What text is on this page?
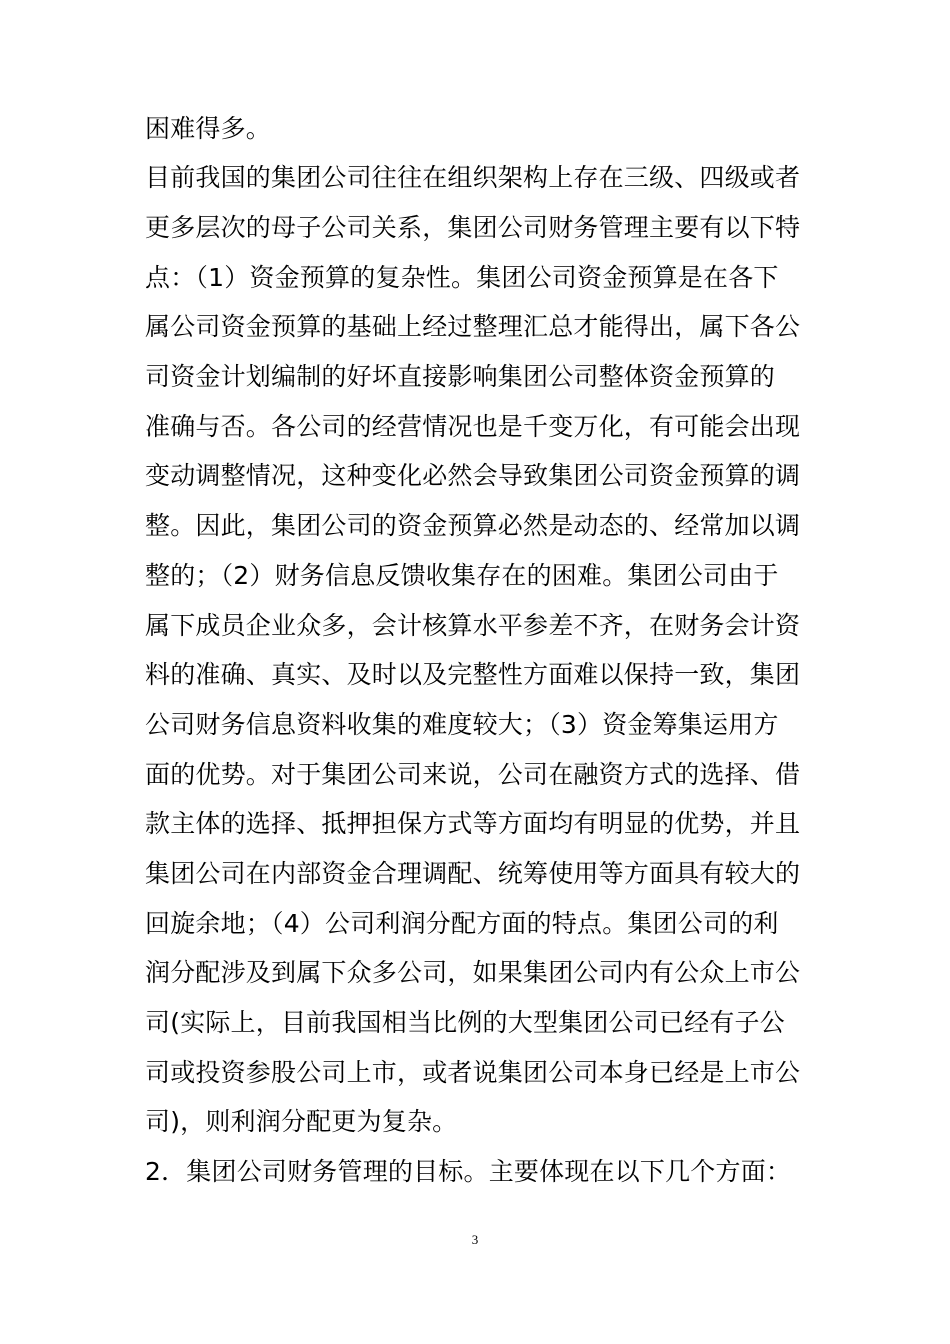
困难得多。
目前我国的集团公司往往在组织架构上存在三级、四级或者
更多层次的母子公司关系，集团公司财务管理主要有以下特
点：（1）资金预算的复杂性。集团公司资金预算是在各下
属公司资金预算的基础上经过整理汇总才能得出，属下各公
司资金计划编制的好坏直接影响集团公司整体资金预算的
准确与否。各公司的经营情况也是千变万化，有可能会出现
变动调整情况，这种变化必然会导致集团公司资金预算的调
整。因此，集团公司的资金预算必然是动态的、经常加以调
整的；（2）财务信息反馈收集存在的困难。集团公司由于
属下成员企业众多，会计核算水平参差不齐，在财务会计资
料的准确、真实、及时以及完整性方面难以保持一致，集团
公司财务信息资料收集的难度较大；（3）资金筹集运用方
面的优势。对于集团公司来说，公司在融资方式的选择、借
款主体的选择、抵押担保方式等方面均有明显的优势，并且
集团公司在内部资金合理调配、统筹使用等方面具有较大的
回旋余地；（4）公司利润分配方面的特点。集团公司的利
润分配涉及到属下众多公司，如果集团公司内有公众上市公
司(实际上，目前我国相当比例的大型集团公司已经有子公
司或投资参股公司上市，或者说集团公司本身已经是上市公
司)，则利润分配更为复杂。
2．集团公司财务管理的目标。主要体现在以下几个方面：
3
